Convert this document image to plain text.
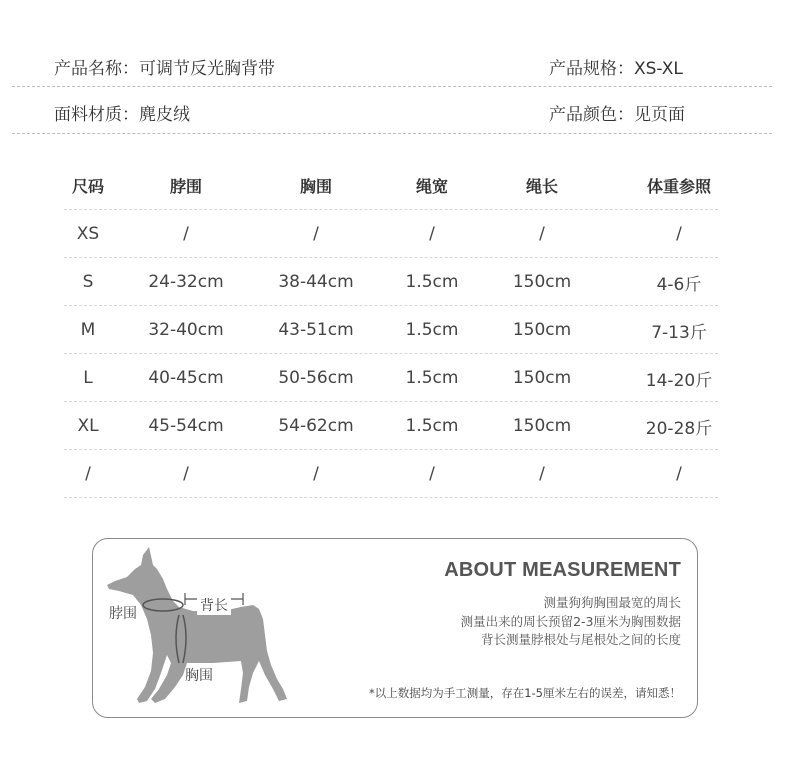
产品名称：可调节反光胸背带	产品规格：XS-XL
面料材质：麂皮绒	产品颜色：见页面
尺码	脖围	胸围	绳宽	绳长	体重参照
XS	/	/	/	/	/
S	24-32cm	38-44cm	1.5cm	150cm	4-6斤
M	32-40cm	43-51cm	1.5cm	150cm	7-13斤
L	40-45cm	50-56cm	1.5cm	150cm	14-20斤
XL	45-54cm	54-62cm	1.5cm	150cm	20-28斤
/	/	/	/	/	/
脖围	背长
胸围
ABOUT MEASUREMENT
测量狗狗胸围最宽的周长
测量出来的周长预留2-3厘米为胸围数据
背长测量脖根处与尾根处之间的长度
*以上数据均为手工测量，存在1-5厘米左右的误差，请知悉！
